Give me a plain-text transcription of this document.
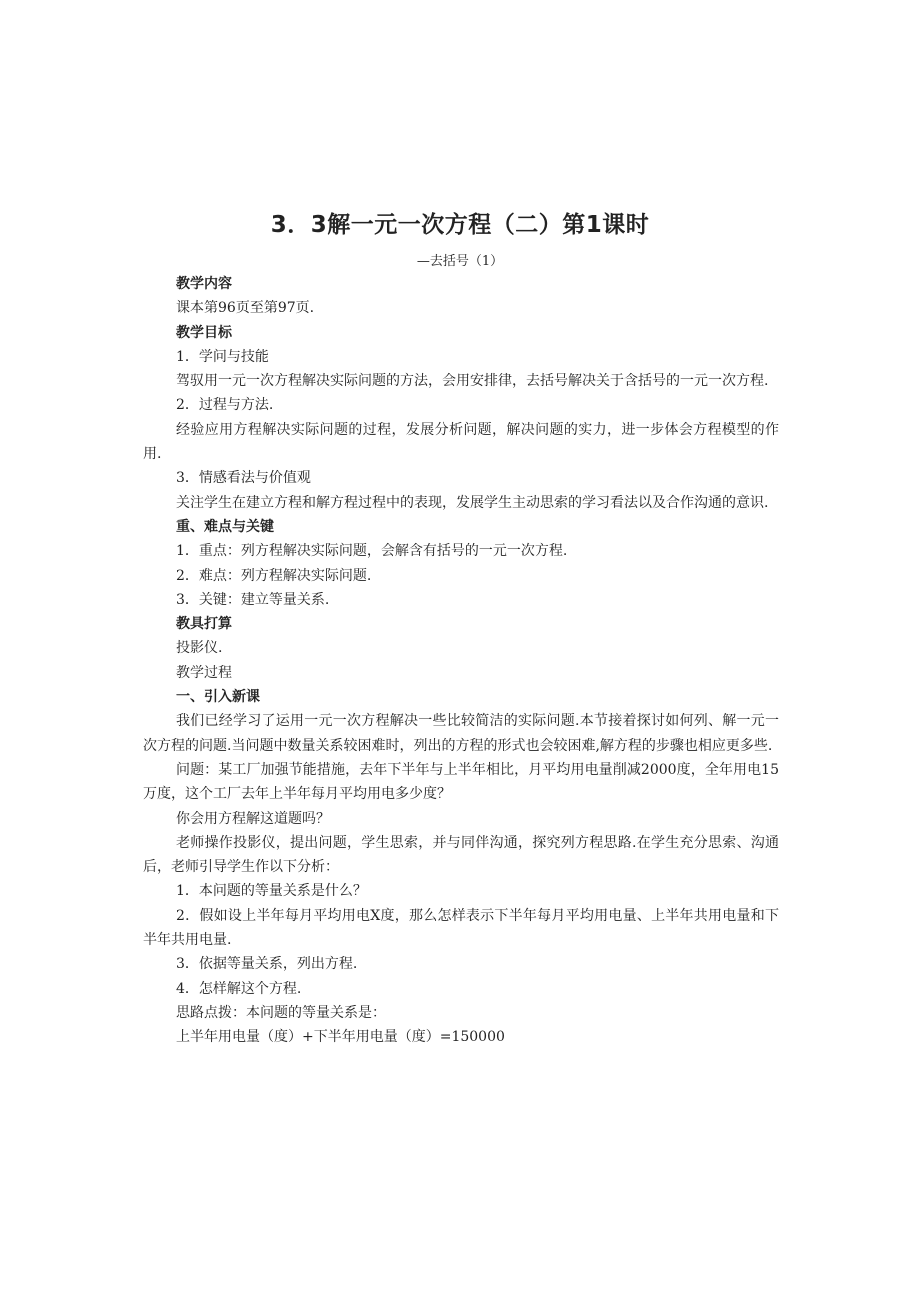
3．3解一元一次方程（二）第1课时
—去括号（1）

教学内容

课本第96页至第97页.

教学目标

1．学问与技能

驾驭用一元一次方程解决实际问题的方法，会用安排律，去括号解决关于含括号的一元一次方程.

2．过程与方法.

经验应用方程解决实际问题的过程，发展分析问题，解决问题的实力，进一步体会方程模型的作用.

3．情感看法与价值观

关注学生在建立方程和解方程过程中的表现，发展学生主动思索的学习看法以及合作沟通的意识.

重、难点与关键

1．重点：列方程解决实际问题，会解含有括号的一元一次方程.

2．难点：列方程解决实际问题.

3．关键：建立等量关系.

教具打算

投影仪.

教学过程

一、引入新课

我们已经学习了运用一元一次方程解决一些比较简洁的实际问题.本节接着探讨如何列、解一元一次方程的问题.当问题中数量关系较困难时，列出的方程的形式也会较困难,解方程的步骤也相应更多些.

问题：某工厂加强节能措施，去年下半年与上半年相比，月平均用电量削减2000度，全年用电15万度，这个工厂去年上半年每月平均用电多少度？

你会用方程解这道题吗？

老师操作投影仪，提出问题，学生思索，并与同伴沟通，探究列方程思路.在学生充分思索、沟通后，老师引导学生作以下分析：

1．本问题的等量关系是什么？

2．假如设上半年每月平均用电X度，那么怎样表示下半年每月平均用电量、上半年共用电量和下半年共用电量.

3．依据等量关系，列出方程.

4．怎样解这个方程.

思路点拨：本问题的等量关系是：

上半年用电量（度）+下半年用电量（度）=150000
